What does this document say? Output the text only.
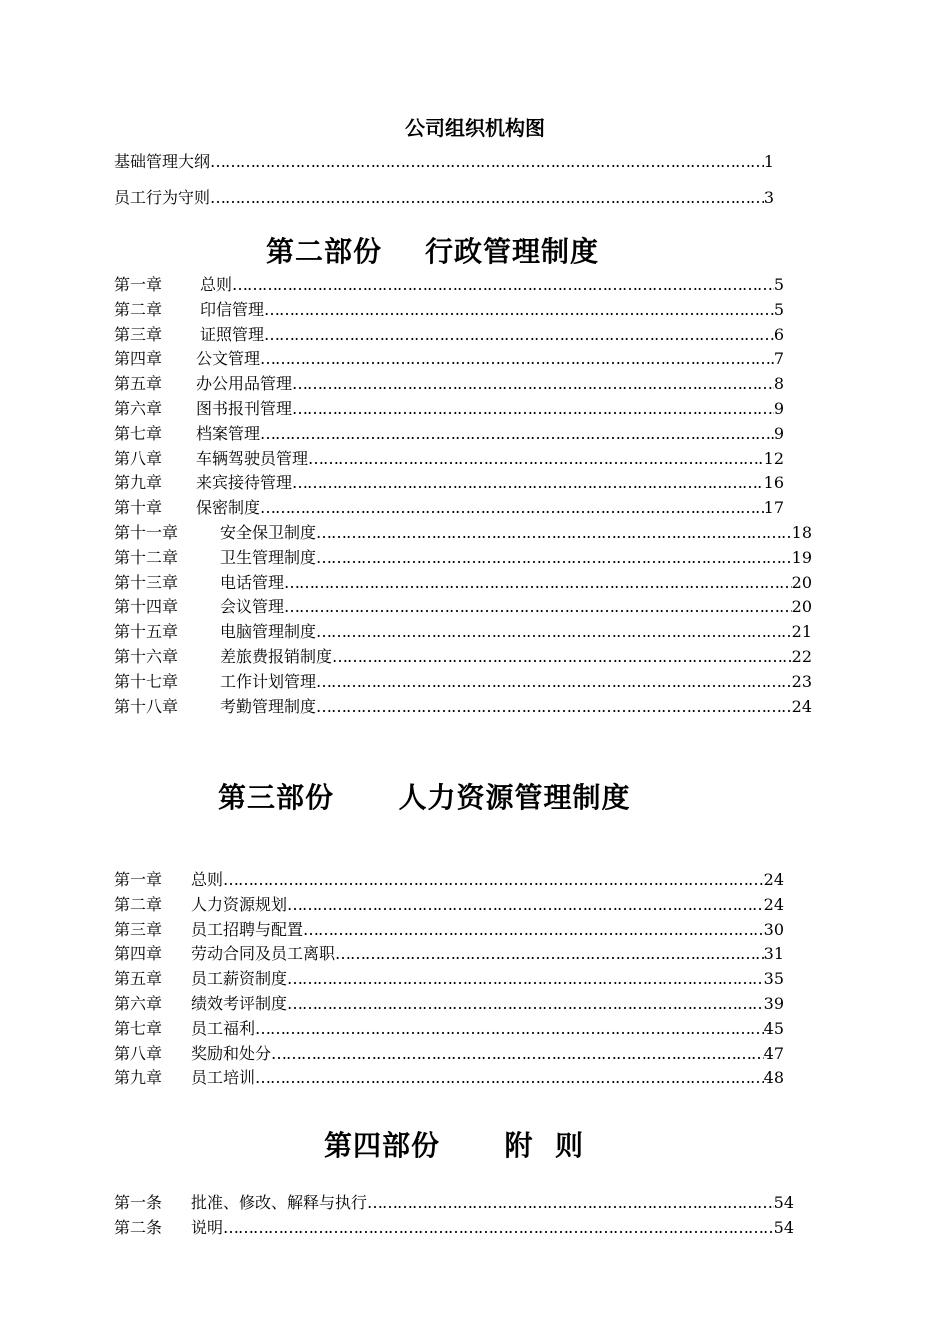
公司组织机构图
基础管理大纲 ………………………………………………………………………………………………………………………………………………………………………………………………………………	1
员工行为守则 ………………………………………………………………………………………………………………………………………………………………………………………………………………	3
第二部份    行政管理制度
第一章	总则 ………………………………………………………………………………………………………………………………………………………………………………………………………………	5
第二章	印信管理 ………………………………………………………………………………………………………………………………………………………………………………………………………………	5
第三章	证照管理 ………………………………………………………………………………………………………………………………………………………………………………………………………………	6
第四章	公文管理 ………………………………………………………………………………………………………………………………………………………………………………………………………………	7
第五章	办公用品管理 ………………………………………………………………………………………………………………………………………………………………………………………………………………	8
第六章	图书报刊管理 ………………………………………………………………………………………………………………………………………………………………………………………………………………	9
第七章	档案管理 ………………………………………………………………………………………………………………………………………………………………………………………………………………	9
第八章	车辆驾驶员管理 ………………………………………………………………………………………………………………………………………………………………………………………………………………	12
第九章	来宾接待管理 ………………………………………………………………………………………………………………………………………………………………………………………………………………	16
第十章	保密制度 ………………………………………………………………………………………………………………………………………………………………………………………………………………	17
第十一章	安全保卫制度 ………………………………………………………………………………………………………………………………………………………………………………………………………………	18
第十二章	卫生管理制度 ………………………………………………………………………………………………………………………………………………………………………………………………………………	19
第十三章	电话管理 ………………………………………………………………………………………………………………………………………………………………………………………………………………	20
第十四章	会议管理 ………………………………………………………………………………………………………………………………………………………………………………………………………………	20
第十五章	电脑管理制度 ………………………………………………………………………………………………………………………………………………………………………………………………………………	21
第十六章	差旅费报销制度 ………………………………………………………………………………………………………………………………………………………………………………………………………………	22
第十七章	工作计划管理 ………………………………………………………………………………………………………………………………………………………………………………………………………………	23
第十八章	考勤管理制度 ………………………………………………………………………………………………………………………………………………………………………………………………………………	24
第三部份      人力资源管理制度
第一章	总则 ………………………………………………………………………………………………………………………………………………………………………………………………………………	24
第二章	人力资源规划 ………………………………………………………………………………………………………………………………………………………………………………………………………………	24
第三章	员工招聘与配置 ………………………………………………………………………………………………………………………………………………………………………………………………………………	30
第四章	劳动合同及员工离职 ………………………………………………………………………………………………………………………………………………………………………………………………………………	31
第五章	员工薪资制度 ………………………………………………………………………………………………………………………………………………………………………………………………………………	35
第六章	绩效考评制度 ………………………………………………………………………………………………………………………………………………………………………………………………………………	39
第七章	员工福利 ………………………………………………………………………………………………………………………………………………………………………………………………………………	45
第八章	奖励和处分 ………………………………………………………………………………………………………………………………………………………………………………………………………………	47
第九章	员工培训 ………………………………………………………………………………………………………………………………………………………………………………………………………………	48
第四部份      附  则
第一条	批准、修改、解释与执行 ………………………………………………………………………………………………………………………………………………………………………………………………………………	54
第二条	说明 ………………………………………………………………………………………………………………………………………………………………………………………………………………	54
